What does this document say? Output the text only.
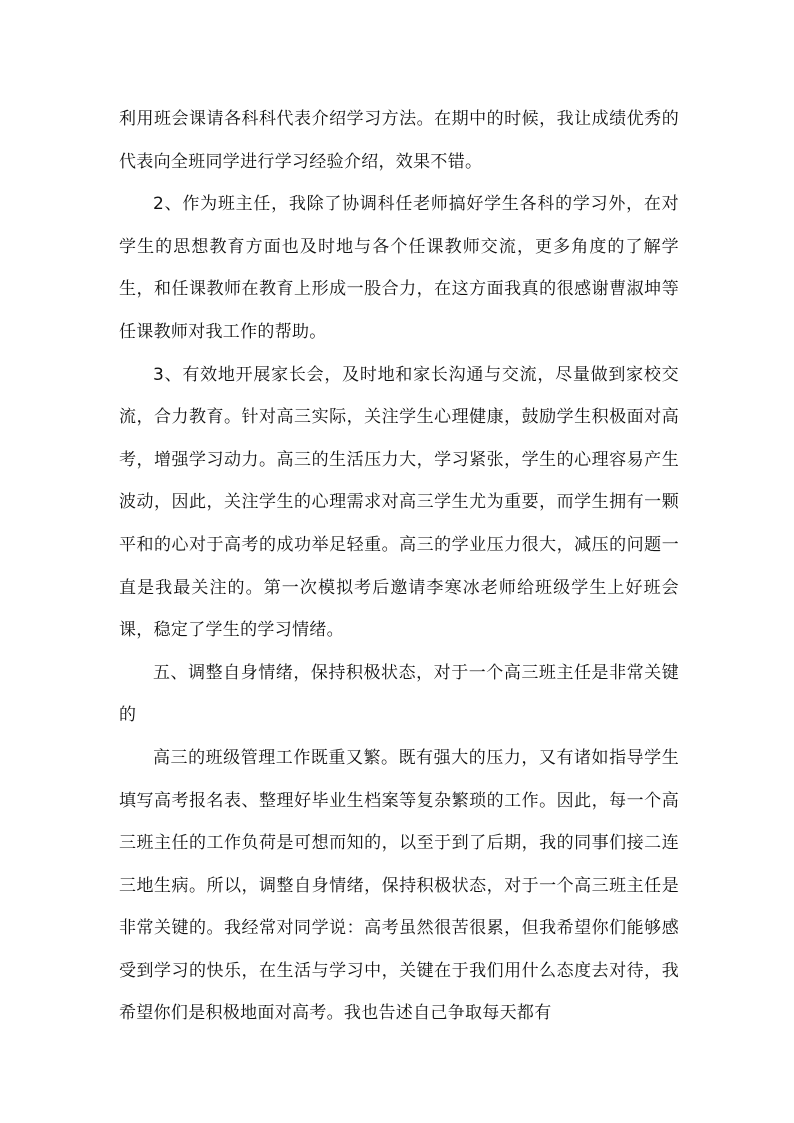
利用班会课请各科科代表介绍学习方法。在期中的时候，我让成绩优秀的代表向全班同学进行学习经验介绍，效果不错。

2、作为班主任，我除了协调科任老师搞好学生各科的学习外，在对学生的思想教育方面也及时地与各个任课教师交流，更多角度的了解学生，和任课教师在教育上形成一股合力，在这方面我真的很感谢曹淑坤等任课教师对我工作的帮助。

3、有效地开展家长会，及时地和家长沟通与交流，尽量做到家校交流，合力教育。针对高三实际，关注学生心理健康，鼓励学生积极面对高考，增强学习动力。高三的生活压力大，学习紧张，学生的心理容易产生波动，因此，关注学生的心理需求对高三学生尤为重要，而学生拥有一颗平和的心对于高考的成功举足轻重。高三的学业压力很大，减压的问题一直是我最关注的。第一次模拟考后邀请李寒冰老师给班级学生上好班会课，稳定了学生的学习情绪。

五、调整自身情绪，保持积极状态，对于一个高三班主任是非常关键的

高三的班级管理工作既重又繁。既有强大的压力，又有诸如指导学生填写高考报名表、整理好毕业生档案等复杂繁琐的工作。因此，每一个高三班主任的工作负荷是可想而知的，以至于到了后期，我的同事们接二连三地生病。所以，调整自身情绪，保持积极状态，对于一个高三班主任是非常关键的。我经常对同学说：高考虽然很苦很累，但我希望你们能够感受到学习的快乐，在生活与学习中，关键在于我们用什么态度去对待，我希望你们是积极地面对高考。我也告述自己争取每天都有
